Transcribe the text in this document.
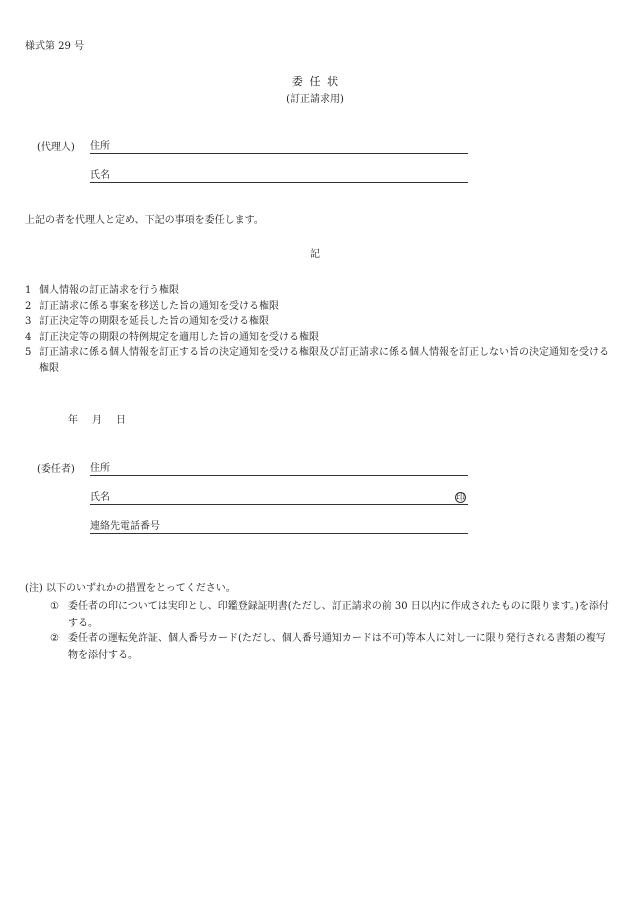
様式第 29 号
委任状
(訂正請求用)
(代理人) 住所
氏名
上記の者を代理人と定め、下記の事項を委任します。
記
1 個人情報の訂正請求を行う権限
2 訂正請求に係る事案を移送した旨の通知を受ける権限
3 訂正決定等の期限を延長した旨の通知を受ける権限
4 訂正決定等の期限の特例規定を適用した旨の通知を受ける権限
5 訂正請求に係る個人情報を訂正する旨の決定通知を受ける権限及び訂正請求に係る個人情報を訂正しない旨の決定通知を受ける権限
年 月 日
(委任者) 住所
氏名	印
連絡先電話番号
(注) 以下のいずれかの措置をとってください。
① 委任者の印については実印とし、印鑑登録証明書(ただし、訂正請求の前 30 日以内に作成されたものに限ります。)を添付する。
② 委任者の運転免許証、個人番号カード(ただし、個人番号通知カードは不可)等本人に対し一に限り発行される書類の複写物を添付する。
